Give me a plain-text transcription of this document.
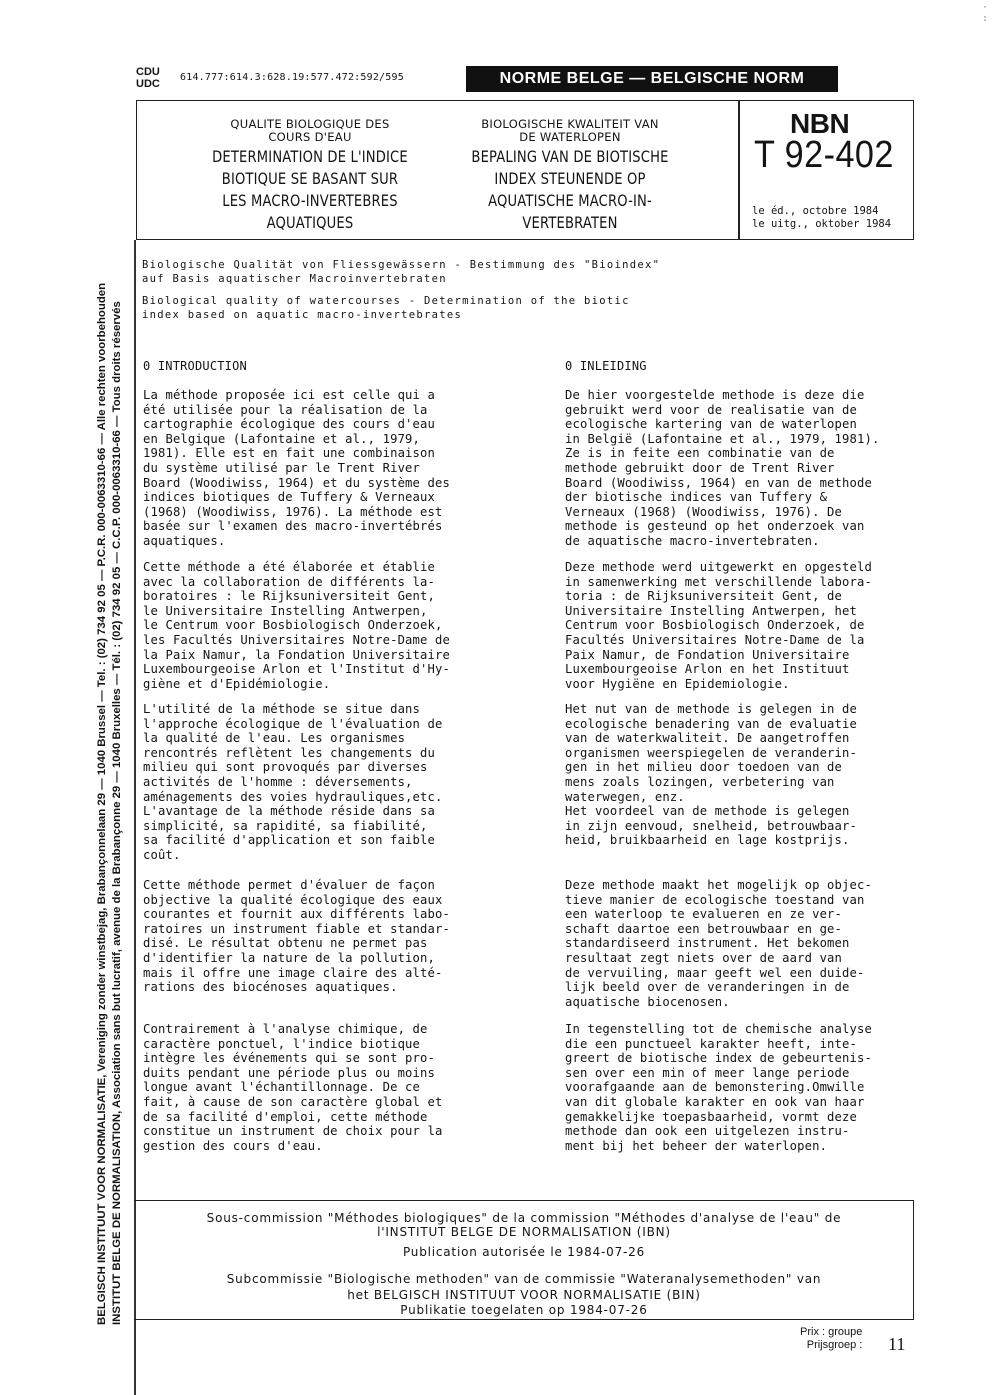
· :
BELGISCH INSTITUUT VOOR NORMALISATIE, Vereniging zonder winstbejag, Brabançonnelaan 29 — 1040 Brussel — Tel. : (02) 734 92 05 — P.C.R. 000-0063310-66 — Alle rechten voorbehouden INSTITUT BELGE DE NORMALISATION, Association sans but lucratif, avenue de la Brabançonne 29 — 1040 Bruxelles — Tél. : (02) 734 92 05 — C.C.P. 000-0063310-66 — Tous droits réservés
CDU
UDC
614.777:614.3:628.19:577.472:592/595	NORME BELGE — BELGISCHE NORM
QUALITE BIOLOGIQUE DES
COURS D'EAU
DETERMINATION DE L'INDICE
BIOTIQUE SE BASANT SUR
LES MACRO-INVERTEBRES
AQUATIQUES
BIOLOGISCHE KWALITEIT VAN
DE WATERLOPEN
BEPALING VAN DE BIOTISCHE
INDEX STEUNENDE OP
AQUATISCHE MACRO-IN-
VERTEBRATEN
NBN
T 92-402
le éd., octobre 1984
le uitg., oktober 1984
Biologische Qualität von Fliessgewässern - Bestimmung des "Bioindex"
auf Basis aquatischer Macroinvertebraten
Biological quality of watercourses - Determination of the biotic
index based on aquatic macro-invertebrates
0 INTRODUCTION	0 INLEIDING
La méthode proposée ici est celle qui a
été utilisée pour la réalisation de la
cartographie écologique des cours d'eau
en Belgique (Lafontaine et al., 1979,
1981). Elle est en fait une combinaison
du système utilisé par le Trent River
Board (Woodiwiss, 1964) et du système des
indices biotiques de Tuffery & Verneaux
(1968) (Woodiwiss, 1976). La méthode est
basée sur l'examen des macro-invertébrés
aquatiques.
Cette méthode a été élaborée et établie
avec la collaboration de différents la-
boratoires : le Rijksuniversiteit Gent,
le Universitaire Instelling Antwerpen,
le Centrum voor Bosbiologisch Onderzoek,
les Facultés Universitaires Notre-Dame de
la Paix Namur, la Fondation Universitaire
Luxembourgeoise Arlon et l'Institut d'Hy-
giène et d'Epidémiologie.
L'utilité de la méthode se situe dans
l'approche écologique de l'évaluation de
la qualité de l'eau. Les organismes
rencontrés reflètent les changements du
milieu qui sont provoqués par diverses
activités de l'homme : déversements,
aménagements des voies hydrauliques,etc.
L'avantage de la méthode réside dans sa
simplicité, sa rapidité, sa fiabilité,
sa facilité d'application et son faible
coût.
Cette méthode permet d'évaluer de façon
objective la qualité écologique des eaux
courantes et fournit aux différents labo-
ratoires un instrument fiable et standar-
disé. Le résultat obtenu ne permet pas
d'identifier la nature de la pollution,
mais il offre une image claire des alté-
rations des biocénoses aquatiques.
Contrairement à l'analyse chimique, de
caractère ponctuel, l'indice biotique
intègre les événements qui se sont pro-
duits pendant une période plus ou moins
longue avant l'échantillonnage. De ce
fait, à cause de son caractère global et
de sa facilité d'emploi, cette méthode
constitue un instrument de choix pour la
gestion des cours d'eau.
De hier voorgestelde methode is deze die
gebruikt werd voor de realisatie van de
ecologische kartering van de waterlopen
in België (Lafontaine et al., 1979, 1981).
Ze is in feite een combinatie van de
methode gebruikt door de Trent River
Board (Woodiwiss, 1964) en van de methode
der biotische indices van Tuffery &
Verneaux (1968) (Woodiwiss, 1976). De
methode is gesteund op het onderzoek van
de aquatische macro-invertebraten.
Deze methode werd uitgewerkt en opgesteld
in samenwerking met verschillende labora-
toria : de Rijksuniversiteit Gent, de
Universitaire Instelling Antwerpen, het
Centrum voor Bosbiologisch Onderzoek, de
Facultés Universitaires Notre-Dame de la
Paix Namur, de Fondation Universitaire
Luxembourgeoise Arlon en het Instituut
voor Hygiëne en Epidemiologie.
Het nut van de methode is gelegen in de
ecologische benadering van de evaluatie
van de waterkwaliteit. De aangetroffen
organismen weerspiegelen de veranderin-
gen in het milieu door toedoen van de
mens zoals lozingen, verbetering van
waterwegen, enz.
Het voordeel van de methode is gelegen
in zijn eenvoud, snelheid, betrouwbaar-
heid, bruikbaarheid en lage kostprijs.
Deze methode maakt het mogelijk op objec-
tieve manier de ecologische toestand van
een waterloop te evalueren en ze ver-
schaft daartoe een betrouwbaar en ge-
standardiseerd instrument. Het bekomen
resultaat zegt niets over de aard van
de vervuiling, maar geeft wel een duide-
lijk beeld over de veranderingen in de
aquatische biocenosen.
In tegenstelling tot de chemische analyse
die een punctueel karakter heeft, inte-
greert de biotische index de gebeurtenis-
sen over een min of meer lange periode
voorafgaande aan de bemonstering.Omwille
van dit globale karakter en ook van haar
gemakkelijke toepasbaarheid, vormt deze
methode dan ook een uitgelezen instru-
ment bij het beheer der waterlopen.
Sous-commission "Méthodes biologiques" de la commission "Méthodes d'analyse de l'eau" de
l'INSTITUT BELGE DE NORMALISATION (IBN)
Publication autorisée le 1984-07-26
Subcommissie "Biologische methoden" van de commissie "Wateranalysemethoden" van
het BELGISCH INSTITUUT VOOR NORMALISATIE (BIN)
Publikatie toegelaten op 1984-07-26
Prix : groupe
Prijsgroep : 11
